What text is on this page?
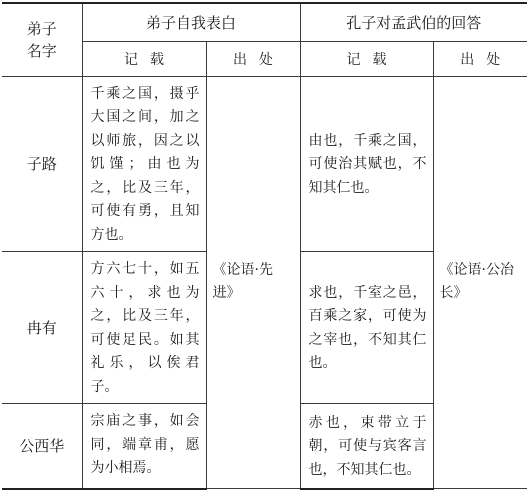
弟子
名字	弟子自我表白		孔子对孟武伯的回答	
	记载	出处	记载	出处
子路	千乘之国，摄乎大国之间，加之以师旅，因之以饥馑；由也为之，比及三年，可使有勇，且知方也。	《论语·先进》	由也，千乘之国，可使治其赋也，不知其仁也。	《论语·公冶长》
冉有	方六七十，如五六十，求也为之，比及三年，可使足民。如其礼乐，以俟君子。		求也，千室之邑，百乘之家，可使为之宰也，不知其仁也。	
公西华	宗庙之事，如会同，端章甫，愿为小相焉。		赤也，束带立于朝，可使与宾客言也，不知其仁也。	
